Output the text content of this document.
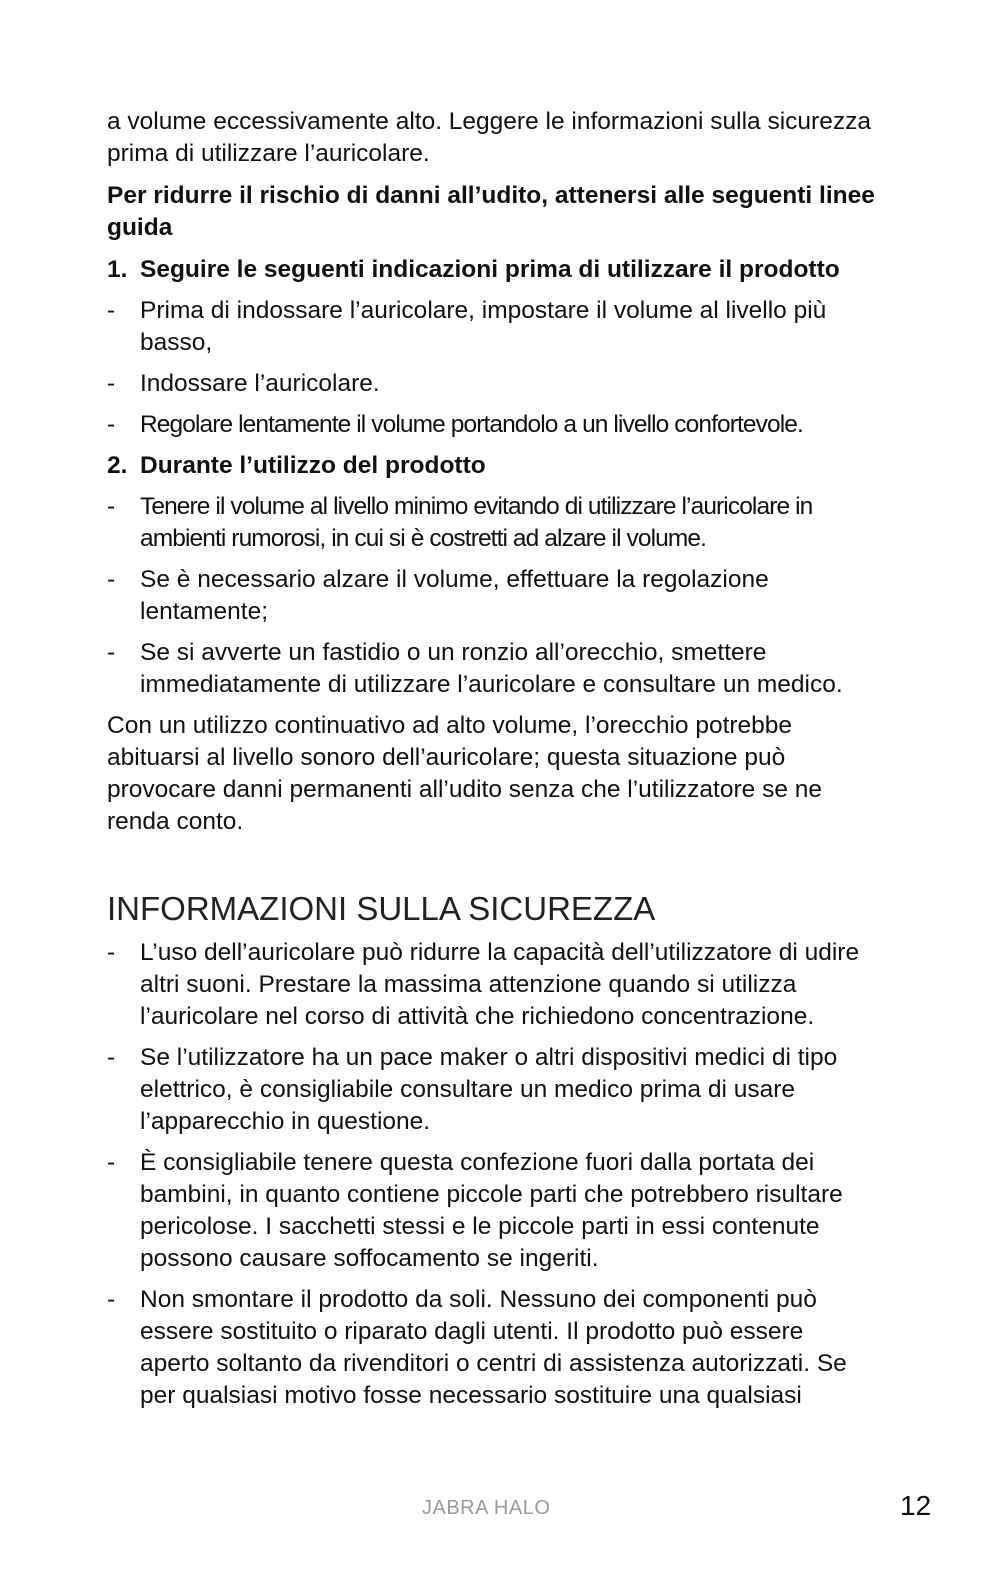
a volume eccessivamente alto. Leggere le informazioni sulla sicurezza prima di utilizzare l’auricolare.

Per ridurre il rischio di danni all’udito, attenersi alle seguenti linee guida

1. Seguire le seguenti indicazioni prima di utilizzare il prodotto
-	Prima di indossare l’auricolare, impostare il volume al livello più basso,
-	Indossare l’auricolare.
-	Regolare lentamente il volume portandolo a un livello confortevole.
2. Durante l’utilizzo del prodotto
-	Tenere il volume al livello minimo evitando di utilizzare l’auricolare in ambienti rumorosi, in cui si è costretti ad alzare il volume.
-	Se è necessario alzare il volume, effettuare la regolazione lentamente;
-	Se si avverte un fastidio o un ronzio all’orecchio, smettere immediatamente di utilizzare l’auricolare e consultare un medico.

Con un utilizzo continuativo ad alto volume, l’orecchio potrebbe abituarsi al livello sonoro dell’auricolare; questa situazione può provocare danni permanenti all’udito senza che l’utilizzatore se ne renda conto.

INFORMAZIONI SULLA SICUREZZA
-	L’uso dell’auricolare può ridurre la capacità dell’utilizzatore di udire altri suoni. Prestare la massima attenzione quando si utilizza l’auricolare nel corso di attività che richiedono concentrazione.
-	Se l’utilizzatore ha un pace maker o altri dispositivi medici di tipo elettrico, è consigliabile consultare un medico prima di usare l’apparecchio in questione.
-	È consigliabile tenere questa confezione fuori dalla portata dei bambini, in quanto contiene piccole parti che potrebbero risultare pericolose. I sacchetti stessi e le piccole parti in essi contenute possono causare soffocamento se ingeriti.
-	Non smontare il prodotto da soli. Nessuno dei componenti può essere sostituito o riparato dagli utenti. Il prodotto può essere aperto soltanto da rivenditori o centri di assistenza autorizzati. Se per qualsiasi motivo fosse necessario sostituire una qualsiasi
JABRA HALO	12
